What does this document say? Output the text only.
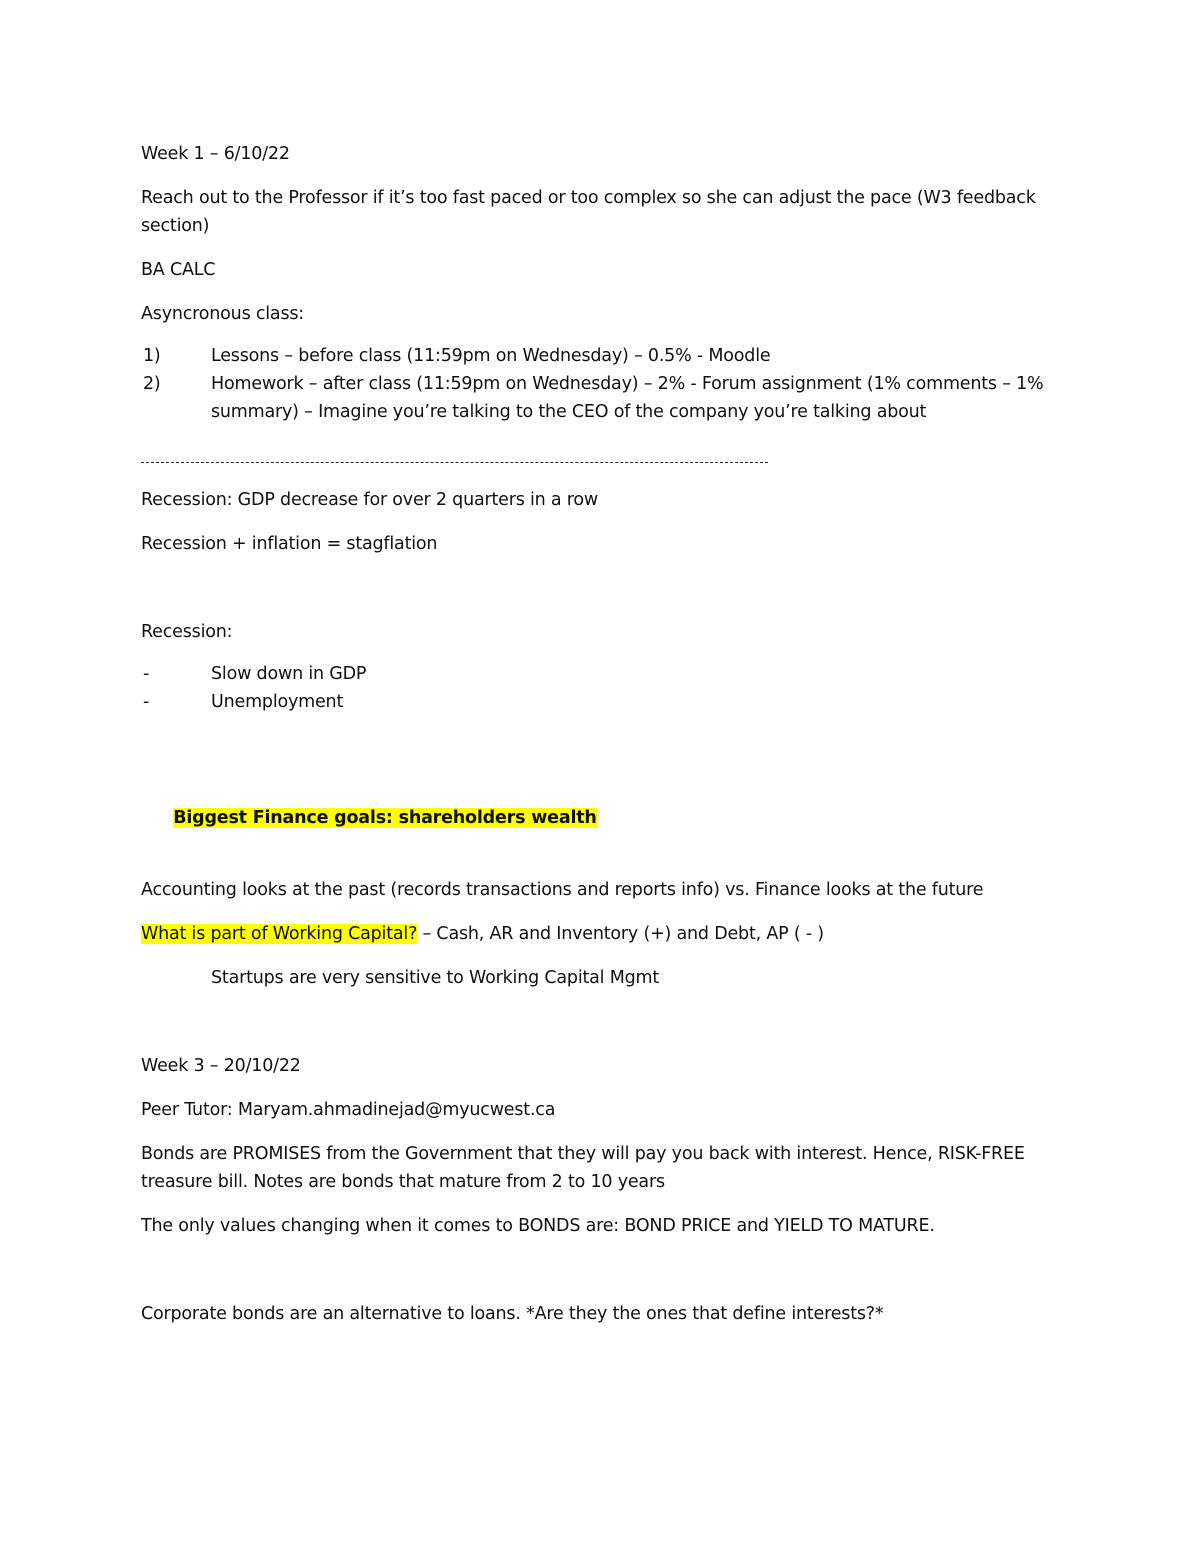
Week 1 – 6/10/22

Reach out to the Professor if it’s too fast paced or too complex so she can adjust the pace (W3 feedback section)

BA CALC

Asyncronous class:

1)	Lessons – before class (11:59pm on Wednesday) – 0.5% - Moodle
2)	Homework – after class (11:59pm on Wednesday) – 2% - Forum assignment (1% comments – 1% summary) – Imagine you’re talking to the CEO of the company you’re talking about

Recession: GDP decrease for over 2 quarters in a row

Recession + inflation = stagflation

Recession:

-	Slow down in GDP
-	Unemployment

Biggest Finance goals: shareholders wealth

Accounting looks at the past (records transactions and reports info) vs. Finance looks at the future

What is part of Working Capital? – Cash, AR and Inventory (+) and Debt, AP ( - )

Startups are very sensitive to Working Capital Mgmt

Week 3 – 20/10/22

Peer Tutor: Maryam.ahmadinejad@myucwest.ca

Bonds are PROMISES from the Government that they will pay you back with interest. Hence, RISK-FREE treasure bill. Notes are bonds that mature from 2 to 10 years

The only values changing when it comes to BONDS are: BOND PRICE and YIELD TO MATURE.

Corporate bonds are an alternative to loans. *Are they the ones that define interests?*
